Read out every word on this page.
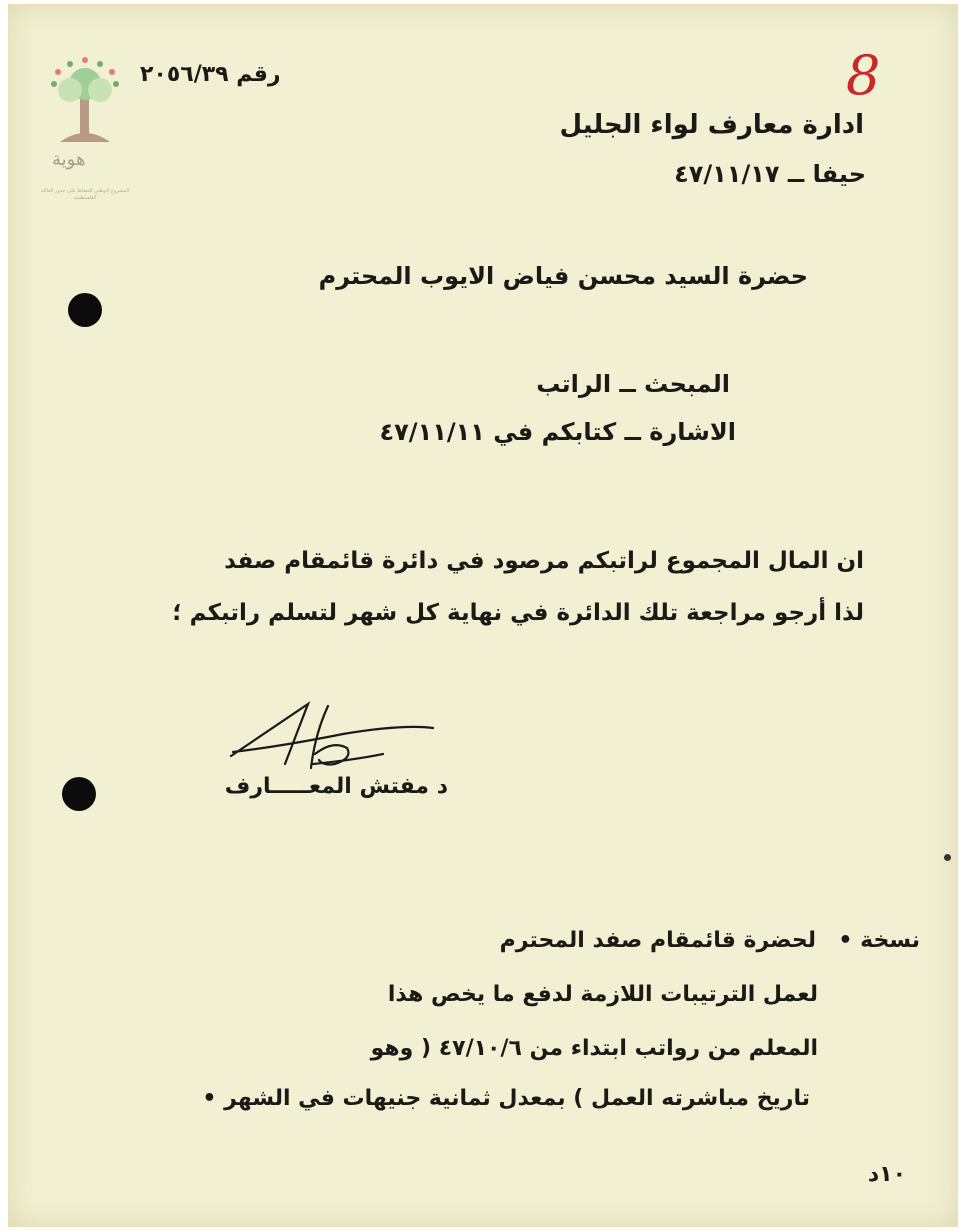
هوية
المشروع الوطني للحفاظ على جذور العائلة الفلسطينية
رقم ٢٠٥٦/٣٩	8
ادارة معارف لواء الجليل
حيفا ــ ٤٧/١١/١٧
حضرة السيد محسن فياض الايوب المحترم
المبحث ــ الراتب
الاشارة ــ كتابكم في ٤٧/١١/١١
ان المال المجموع لراتبكم مرصود في دائرة قائمقام صفد
لذا أرجو مراجعة تلك الدائرة في نهاية كل شهر لتسلم راتبكم ؛
د مفتش المعـــــارف
نسخة •
لحضرة قائمقام صفد المحترم
لعمل الترتيبات اللازمة لدفع ما يخص هذا
المعلم من رواتب ابتداء من ٤٧/١٠/٦ ( وهو
تاريخ مباشرته العمل ) بمعدل ثمانية جنيهات في الشهر •
١٠د
